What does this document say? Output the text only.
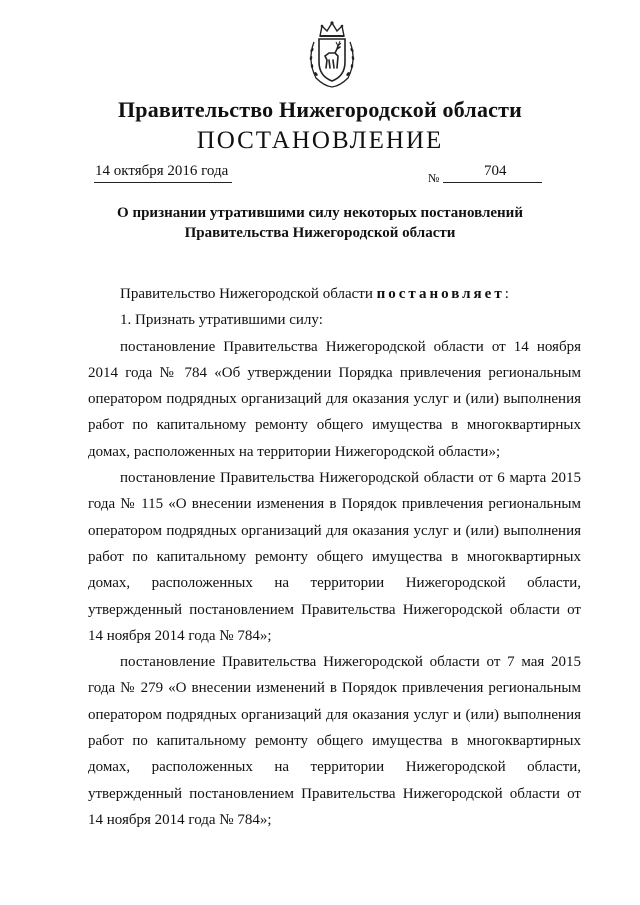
Правительство Нижегородской области
ПОСТАНОВЛЕНИЕ
14 октября 2016 года	№	704
О признании утратившими силу некоторых постановлений
Правительства Нижегородской области

Правительство Нижегородской области постановляет:

1. Признать утратившими силу:

постановление Правительства Нижегородской области от 14 ноября 2014 года № 784 «Об утверждении Порядка привлечения региональным оператором подрядных организаций для оказания услуг и (или) выполнения работ по капитальному ремонту общего имущества в многоквартирных домах, расположенных на территории Нижегородской области»;

постановление Правительства Нижегородской области от 6 марта 2015 года № 115 «О внесении изменения в Порядок привлечения региональным оператором подрядных организаций для оказания услуг и (или) выполнения работ по капитальному ремонту общего имущества в многоквартирных домах, расположенных на территории Нижегородской области, утвержденный постановлением Правительства Нижегородской области от 14 ноября 2014 года № 784»;

постановление Правительства Нижегородской области от 7 мая 2015 года № 279 «О внесении изменений в Порядок привлечения региональным оператором подрядных организаций для оказания услуг и (или) выполнения работ по капитальному ремонту общего имущества в многоквартирных домах, расположенных на территории Нижегородской области, утвержденный постановлением Правительства Нижегородской области от 14 ноября 2014 года № 784»;
